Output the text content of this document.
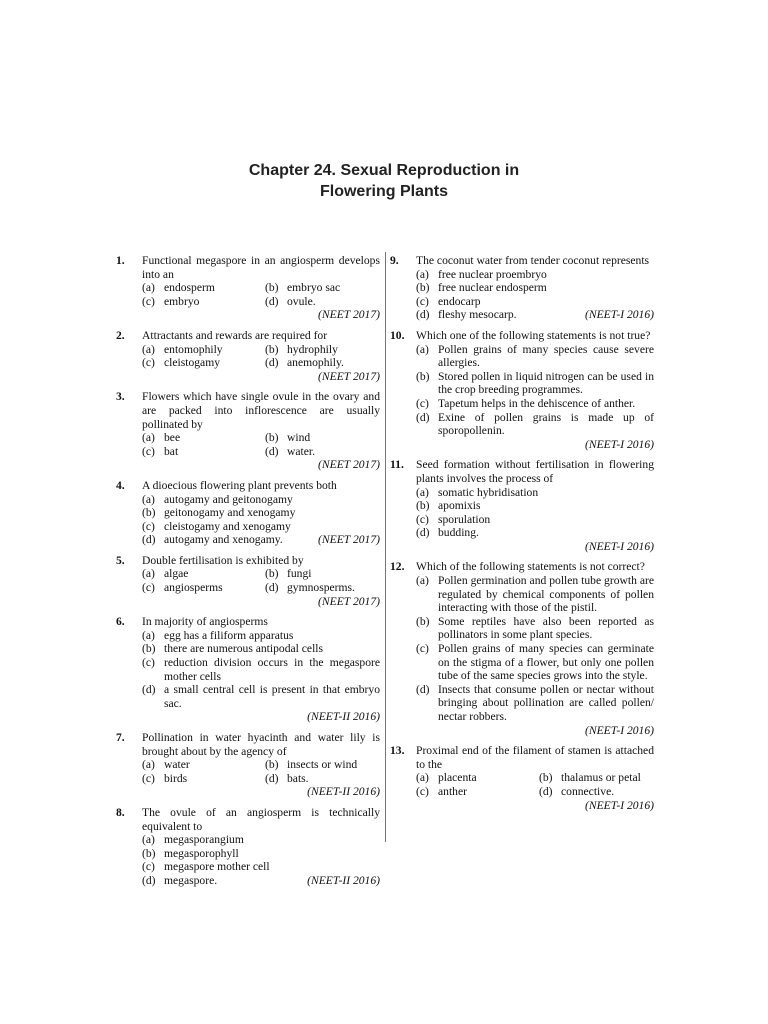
Chapter 24. Sexual Reproduction in
Flowering Plants
1. Functional megaspore in an angiosperm develops into an
(a) endosperm	(b) embryo sac
(c) embryo	(d) ovule.
(NEET 2017)
2. Attractants and rewards are required for
(a) entomophily	(b) hydrophily
(c) cleistogamy	(d) anemophily.
(NEET 2017)
3. Flowers which have single ovule in the ovary and are packed into inflorescence are usually pollinated by
(a) bee	(b) wind
(c) bat	(d) water.
(NEET 2017)
4. A dioecious flowering plant prevents both
(a) autogamy and geitonogamy
(b) geitonogamy and xenogamy
(c) cleistogamy and xenogamy
(d) autogamy and xenogamy.	(NEET 2017)
5. Double fertilisation is exhibited by
(a) algae	(b) fungi
(c) angiosperms	(d) gymnosperms.
(NEET 2017)
6. In majority of angiosperms
(a) egg has a filiform apparatus
(b) there are numerous antipodal cells
(c) reduction division occurs in the megaspore mother cells
(d) a small central cell is present in that embryo sac.
(NEET-II 2016)
7. Pollination in water hyacinth and water lily is brought about by the agency of
(a) water	(b) insects or wind
(c) birds	(d) bats.
(NEET-II 2016)
8. The ovule of an angiosperm is technically equivalent to
(a) megasporangium
(b) megasporophyll
(c) megaspore mother cell
(d) megaspore.	(NEET-II 2016)
9. The coconut water from tender coconut represents
(a) free nuclear proembryo
(b) free nuclear endosperm
(c) endocarp
(d) fleshy mesocarp.	(NEET-I 2016)
10. Which one of the following statements is not true?
(a) Pollen grains of many species cause severe allergies.
(b) Stored pollen in liquid nitrogen can be used in the crop breeding programmes.
(c) Tapetum helps in the dehiscence of anther.
(d) Exine of pollen grains is made up of sporopollenin.
(NEET-I 2016)
11. Seed formation without fertilisation in flowering plants involves the process of
(a) somatic hybridisation
(b) apomixis
(c) sporulation
(d) budding.
(NEET-I 2016)
12. Which of the following statements is not correct?
(a) Pollen germination and pollen tube growth are regulated by chemical components of pollen interacting with those of the pistil.
(b) Some reptiles have also been reported as pollinators in some plant species.
(c) Pollen grains of many species can germinate on the stigma of a flower, but only one pollen tube of the same species grows into the style.
(d) Insects that consume pollen or nectar without bringing about pollination are called pollen/ nectar robbers.
(NEET-I 2016)
13. Proximal end of the filament of stamen is attached to the
(a) placenta	(b) thalamus or petal
(c) anther	(d) connective.
(NEET-I 2016)
